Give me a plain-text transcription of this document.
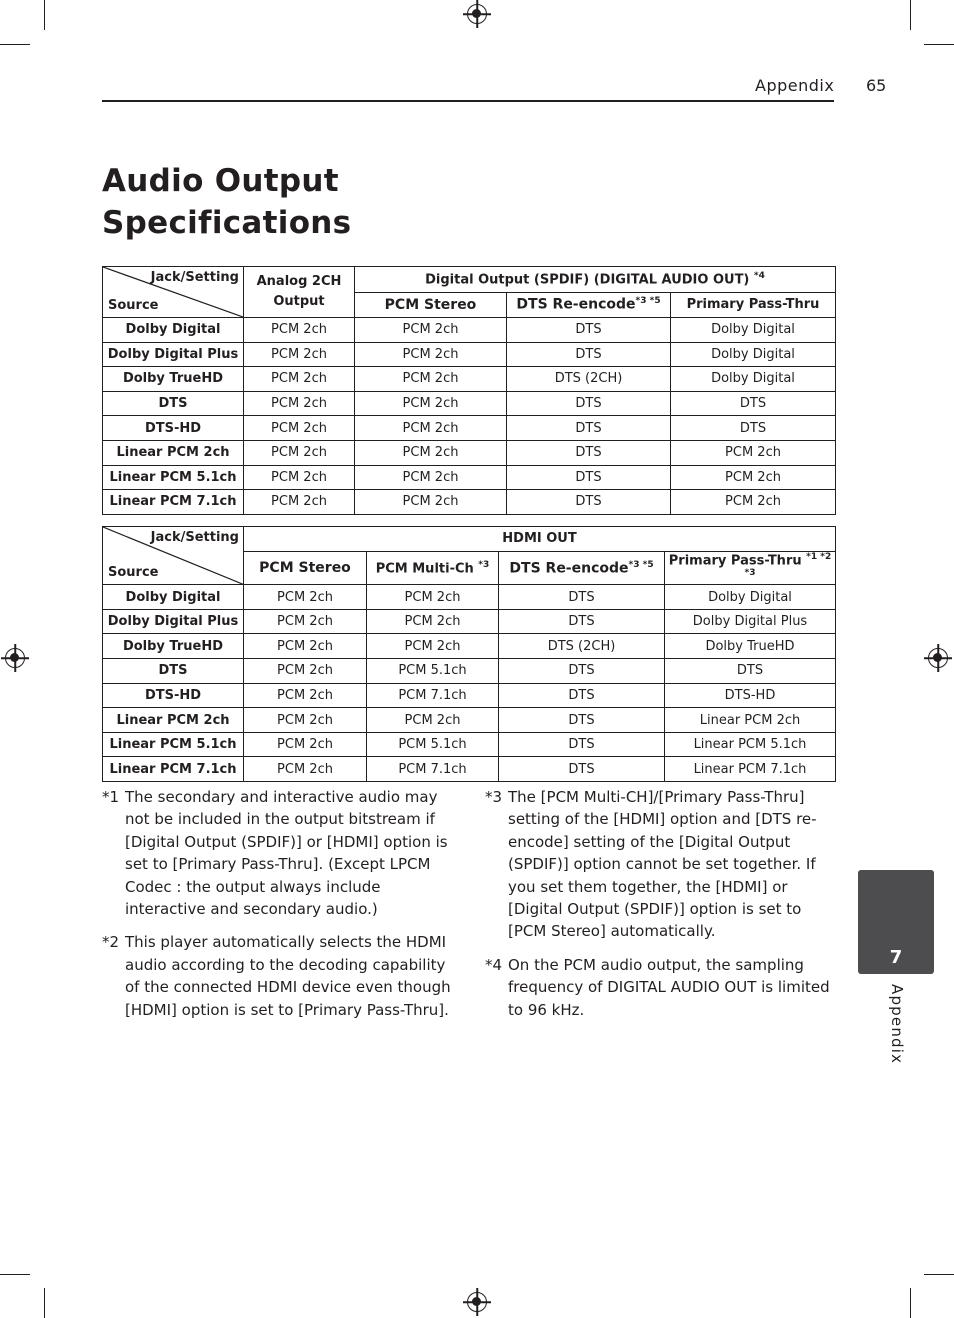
Appendix 65
Audio Output
Specifications
Jack/Setting
Source	Analog 2CH Output	Digital Output (SPDIF) (DIGITAL AUDIO OUT) $^{*4}$
		PCM Stereo	DTS Re-encode$^{*3 *5}$	Primary Pass-Thru
Dolby Digital	PCM 2ch	PCM 2ch	DTS	Dolby Digital
Dolby Digital Plus	PCM 2ch	PCM 2ch	DTS	Dolby Digital
Dolby TrueHD	PCM 2ch	PCM 2ch	DTS (2CH)	Dolby Digital
DTS	PCM 2ch	PCM 2ch	DTS	DTS
DTS-HD	PCM 2ch	PCM 2ch	DTS	DTS
Linear PCM 2ch	PCM 2ch	PCM 2ch	DTS	PCM 2ch
Linear PCM 5.1ch	PCM 2ch	PCM 2ch	DTS	PCM 2ch
Linear PCM 7.1ch	PCM 2ch	PCM 2ch	DTS	PCM 2ch
Jack/Setting
Source	HDMI OUT			
	PCM Stereo	PCM Multi-Ch $^{*3}$	DTS Re-encode$^{*3 *5}$	Primary Pass-Thru $^{*1 *2 *3}$
Dolby Digital	PCM 2ch	PCM 2ch	DTS	Dolby Digital
Dolby Digital Plus	PCM 2ch	PCM 2ch	DTS	Dolby Digital Plus
Dolby TrueHD	PCM 2ch	PCM 2ch	DTS (2CH)	Dolby TrueHD
DTS	PCM 2ch	PCM 5.1ch	DTS	DTS
DTS-HD	PCM 2ch	PCM 7.1ch	DTS	DTS-HD
Linear PCM 2ch	PCM 2ch	PCM 2ch	DTS	Linear PCM 2ch
Linear PCM 5.1ch	PCM 2ch	PCM 5.1ch	DTS	Linear PCM 5.1ch
Linear PCM 7.1ch	PCM 2ch	PCM 7.1ch	DTS	Linear PCM 7.1ch
*1 The secondary and interactive audio may not be included in the output bitstream if [Digital Output (SPDIF)] or [HDMI] option is set to [Primary Pass-Thru]. (Except LPCM Codec : the output always include interactive and secondary audio.)
*2 This player automatically selects the HDMI audio according to the decoding capability of the connected HDMI device even though [HDMI] option is set to [Primary Pass-Thru].
*3 The [PCM Multi-CH]/[Primary Pass-Thru] setting of the [HDMI] option and [DTS re-encode] setting of the [Digital Output (SPDIF)] option cannot be set together. If you set them together, the [HDMI] or [Digital Output (SPDIF)] option is set to [PCM Stereo] automatically.
*4 On the PCM audio output, the sampling frequency of DIGITAL AUDIO OUT is limited to 96 kHz.
7
Appendix
